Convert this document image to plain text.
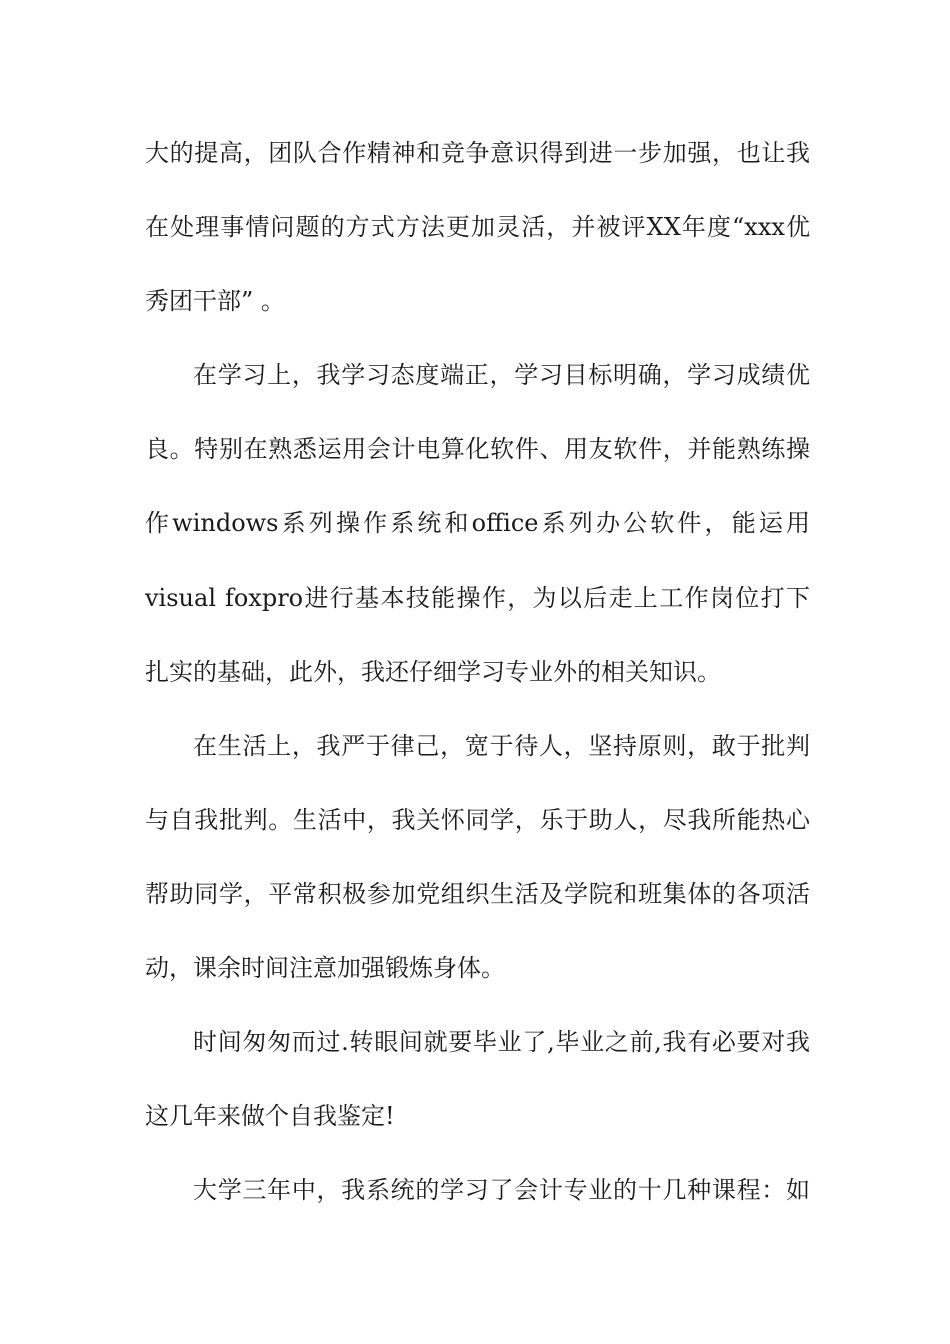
大的提高，团队合作精神和竞争意识得到进一步加强，也让我
在处理事情问题的方式方法更加灵活，并被评XX年度“xxx优
秀团干部” 。
在学习上，我学习态度端正，学习目标明确，学习成绩优
良。特别在熟悉运用会计电算化软件、用友软件，并能熟练操
作windows系列操作系统和office系列办公软件，能运用
visual foxpro进行基本技能操作，为以后走上工作岗位打下
扎实的基础，此外，我还仔细学习专业外的相关知识。
在生活上，我严于律己，宽于待人，坚持原则，敢于批判
与自我批判。生活中，我关怀同学，乐于助人，尽我所能热心
帮助同学，平常积极参加党组织生活及学院和班集体的各项活
动，课余时间注意加强锻炼身体。
时间匆匆而过.转眼间就要毕业了,毕业之前,我有必要对我
这几年来做个自我鉴定!
大学三年中，我系统的学习了会计专业的十几种课程：如
